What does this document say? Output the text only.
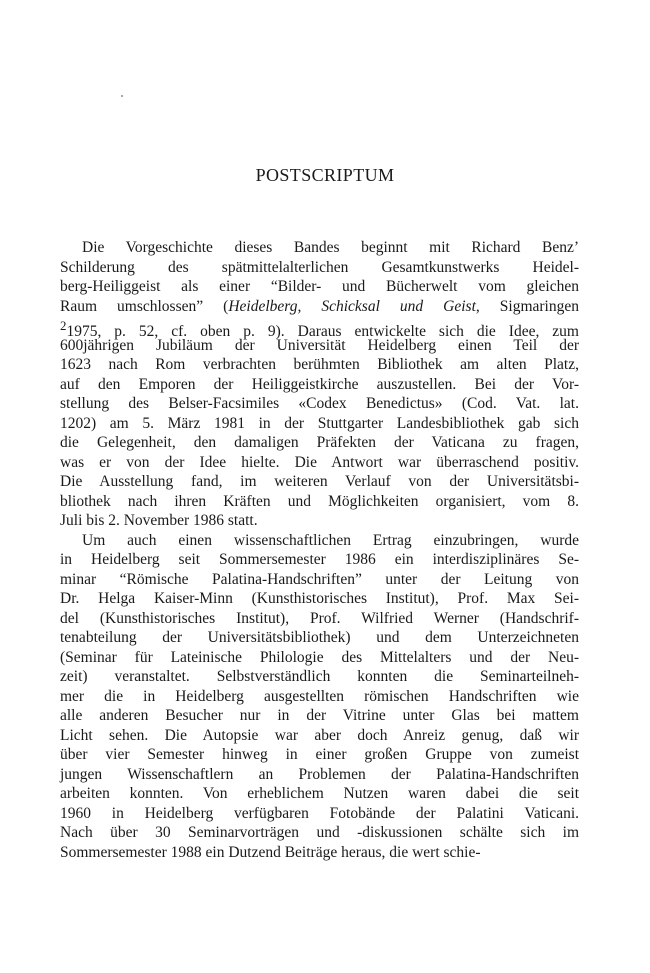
POSTSCRIPTUM
Die Vorgeschichte dieses Bandes beginnt mit Richard Benz’
Schilderung des spätmittelalterlichen Gesamtkunstwerks Heidel-
berg-Heiliggeist als einer “Bilder- und Bücherwelt vom gleichen
Raum umschlossen” (Heidelberg, Schicksal und Geist, Sigmaringen
$^2$1975, p. 52, cf. oben p. 9). Daraus entwickelte sich die Idee, zum
600jährigen Jubiläum der Universität Heidelberg einen Teil der
1623 nach Rom verbrachten berühmten Bibliothek am alten Platz,
auf den Emporen der Heiliggeistkirche auszustellen. Bei der Vor-
stellung des Belser-Facsimiles «Codex Benedictus» (Cod. Vat. lat.
1202) am 5. März 1981 in der Stuttgarter Landesbibliothek gab sich
die Gelegenheit, den damaligen Präfekten der Vaticana zu fragen,
was er von der Idee hielte. Die Antwort war überraschend positiv.
Die Ausstellung fand, im weiteren Verlauf von der Universitätsbi-
bliothek nach ihren Kräften und Möglichkeiten organisiert, vom 8.
Juli bis 2. November 1986 statt.
Um auch einen wissenschaftlichen Ertrag einzubringen, wurde
in Heidelberg seit Sommersemester 1986 ein interdisziplinäres Se-
minar “Römische Palatina-Handschriften” unter der Leitung von
Dr. Helga Kaiser-Minn (Kunsthistorisches Institut), Prof. Max Sei-
del (Kunsthistorisches Institut), Prof. Wilfried Werner (Handschrif-
tenabteilung der Universitätsbibliothek) und dem Unterzeichneten
(Seminar für Lateinische Philologie des Mittelalters und der Neu-
zeit) veranstaltet. Selbstverständlich konnten die Seminarteilneh-
mer die in Heidelberg ausgestellten römischen Handschriften wie
alle anderen Besucher nur in der Vitrine unter Glas bei mattem
Licht sehen. Die Autopsie war aber doch Anreiz genug, daß wir
über vier Semester hinweg in einer großen Gruppe von zumeist
jungen Wissenschaftlern an Problemen der Palatina-Handschriften
arbeiten konnten. Von erheblichem Nutzen waren dabei die seit
1960 in Heidelberg verfügbaren Fotobände der Palatini Vaticani.
Nach über 30 Seminarvorträgen und -diskussionen schälte sich im
Sommersemester 1988 ein Dutzend Beiträge heraus, die wert schie-
